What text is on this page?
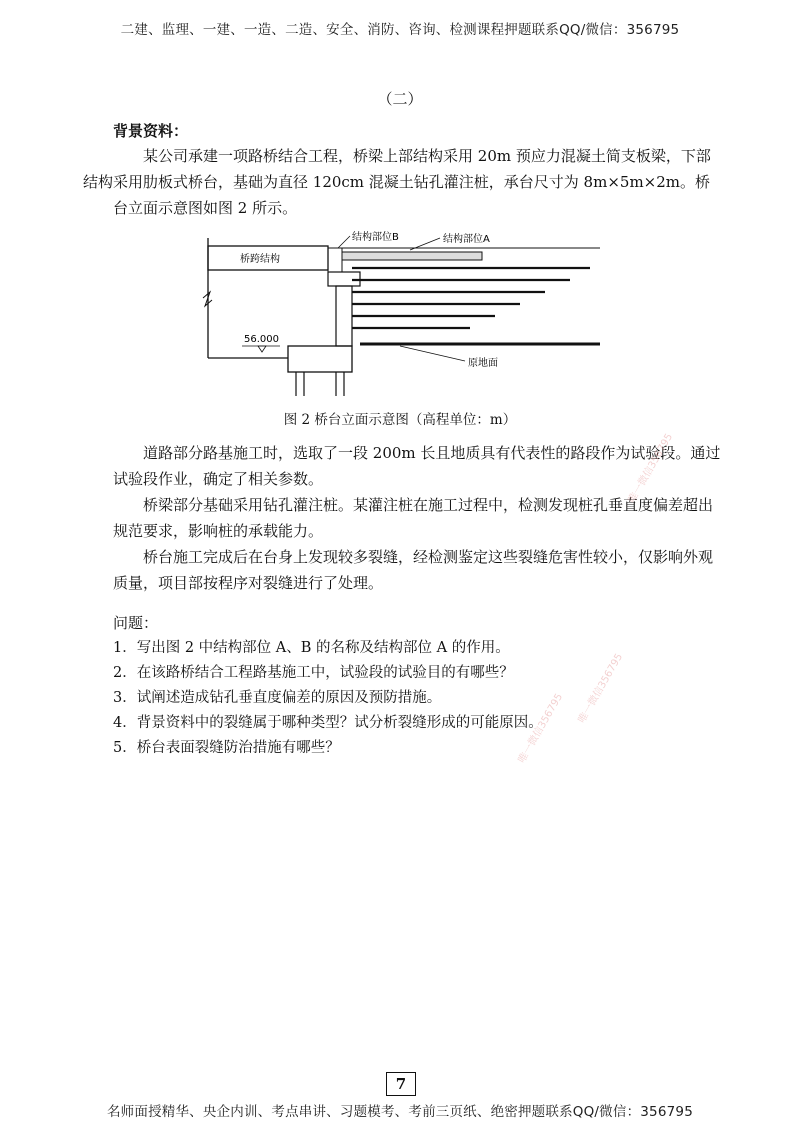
二建、监理、一建、一造、二造、安全、消防、咨询、检测课程押题联系QQ/微信：356795
（二）
背景资料：

某公司承建一项路桥结合工程，桥梁上部结构采用 20m 预应力混凝土简支板梁，下部
结构采用肋板式桥台，基础为直径 120cm 混凝土钻孔灌注桩，承台尺寸为 8m×5m×2m。桥
台立面示意图如图 2 所示。

桥跨结构
原地面
56.000
结构部位B	结构部位A
图 2 桥台立面示意图（高程单位：m）

道路部分路基施工时，选取了一段 200m 长且地质具有代表性的路段作为试验段。通过
试验段作业，确定了相关参数。

桥梁部分基础采用钻孔灌注桩。某灌注桩在施工过程中，检测发现桩孔垂直度偏差超出
规范要求，影响桩的承载能力。

桥台施工完成后在台身上发现较多裂缝，经检测鉴定这些裂缝危害性较小，仅影响外观
质量，项目部按程序对裂缝进行了处理。

问题：
1．写出图 2 中结构部位 A、B 的名称及结构部位 A 的作用。
2．在该路桥结合工程路基施工中，试验段的试验目的有哪些？
3．试阐述造成钻孔垂直度偏差的原因及预防措施。
4．背景资料中的裂缝属于哪种类型？试分析裂缝形成的可能原因。
5．桥台表面裂缝防治措施有哪些？
唯一微信356795
唯一微信356795
唯一微信356795
7
名师面授精华、央企内训、考点串讲、习题模考、考前三页纸、绝密押题联系QQ/微信：356795
